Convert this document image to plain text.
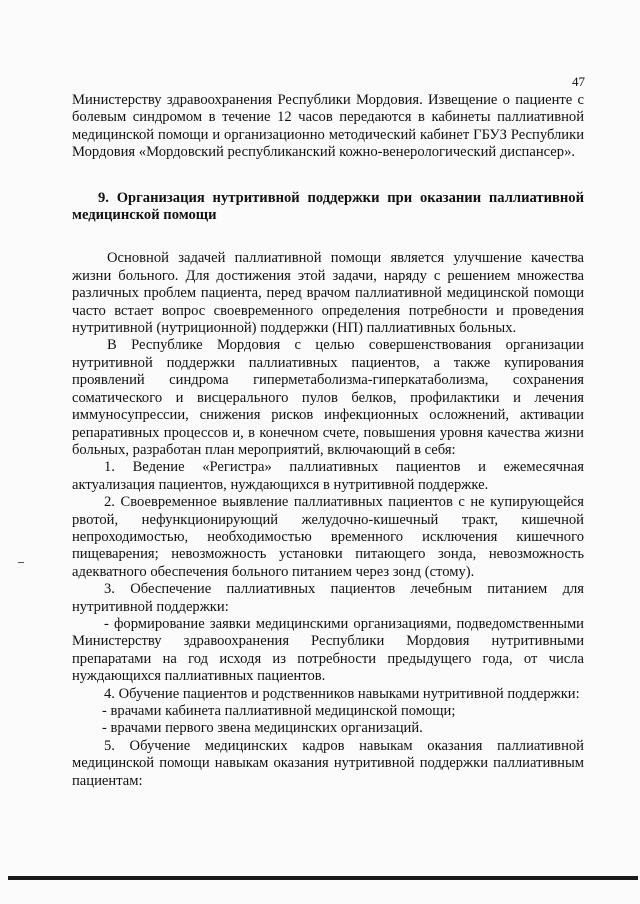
47

Министерству здравоохранения Республики Мордовия. Извещение о пациенте с болевым синдромом в течение 12 часов передаются в кабинеты паллиативной медицинской помощи и организационно методический кабинет ГБУЗ Республики Мордовия «Мордовский республиканский кожно-венерологический диспансер».

9. Организация нутритивной поддержки при оказании паллиативной медицинской помощи

Основной задачей паллиативной помощи является улучшение качества жизни больного. Для достижения этой задачи, наряду с решением множества различных проблем пациента, перед врачом паллиативной медицинской помощи часто встает вопрос своевременного определения потребности и проведения нутритивной (нутриционной) поддержки (НП) паллиативных больных.

В Республике Мордовия с целью совершенствования организации нутритивной поддержки паллиативных пациентов, а также купирования проявлений синдрома гиперметаболизма-гиперкатаболизма, сохранения соматического и висцерального пулов белков, профилактики и лечения иммуносупрессии, снижения рисков инфекционных осложнений, активации репаративных процессов и, в конечном счете, повышения уровня качества жизни больных, разработан план мероприятий, включающий в себя:

1. Ведение «Регистра» паллиативных пациентов и ежемесячная актуализация пациентов, нуждающихся в нутритивной поддержке.

2. Своевременное выявление паллиативных пациентов с не купирующейся рвотой, нефункционирующий желудочно-кишечный тракт, кишечной непроходимостью, необходимостью временного исключения кишечного пищеварения; невозможность установки питающего зонда, невозможность адекватного обеспечения больного питанием через зонд (стому).

3. Обеспечение паллиативных пациентов лечебным питанием для нутритивной поддержки:

- формирование заявки медицинскими организациями, подведомственными Министерству здравоохранения Республики Мордовия нутритивными препаратами на год исходя из потребности предыдущего года, от числа нуждающихся паллиативных пациентов.

4. Обучение пациентов и родственников навыками нутритивной поддержки:

- врачами кабинета паллиативной медицинской помощи;

- врачами первого звена медицинских организаций.

5. Обучение медицинских кадров навыкам оказания паллиативной медицинской помощи навыкам оказания нутритивной поддержки паллиативным пациентам:
